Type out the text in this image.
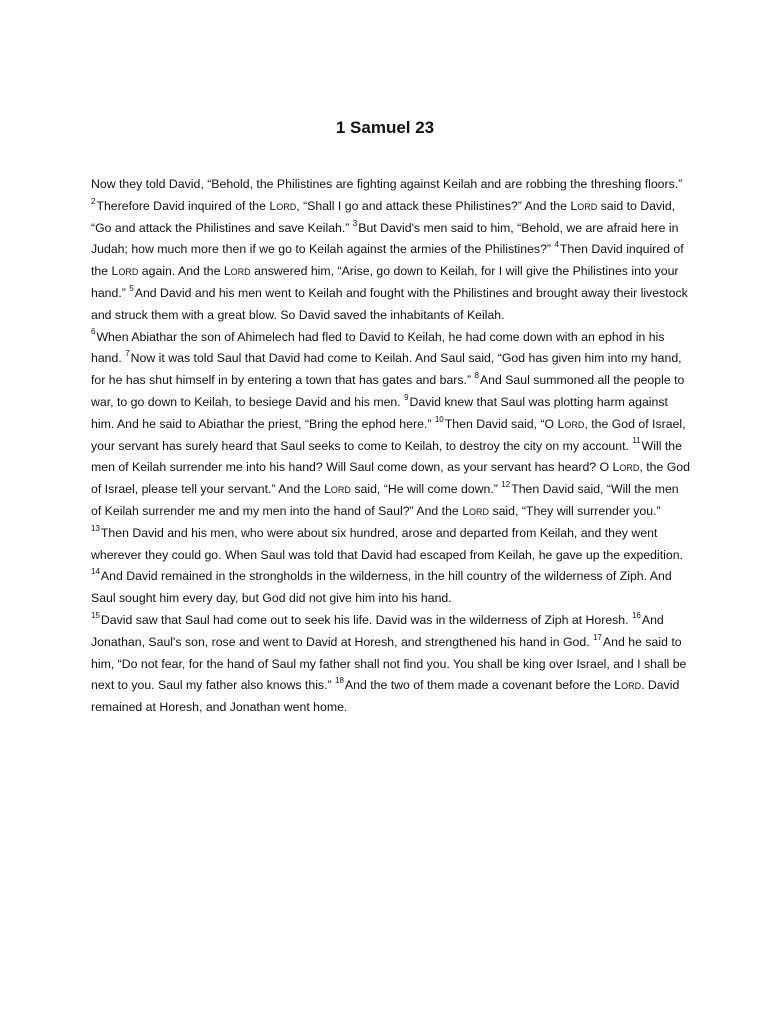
1 Samuel 23

Now they told David, “Behold, the Philistines are fighting against Keilah and are robbing the threshing floors.” $^2$Therefore David inquired of the Lord, “Shall I go and attack these Philistines?” And the Lord said to David, “Go and attack the Philistines and save Keilah.” $^3$But David's men said to him, “Behold, we are afraid here in Judah; how much more then if we go to Keilah against the armies of the Philistines?” $^4$Then David inquired of the Lord again. And the Lord answered him, “Arise, go down to Keilah, for I will give the Philistines into your hand.” $^5$And David and his men went to Keilah and fought with the Philistines and brought away their livestock and struck them with a great blow. So David saved the inhabitants of Keilah.

$^6$When Abiathar the son of Ahimelech had fled to David to Keilah, he had come down with an ephod in his hand. $^7$Now it was told Saul that David had come to Keilah. And Saul said, “God has given him into my hand, for he has shut himself in by entering a town that has gates and bars.” $^8$And Saul summoned all the people to war, to go down to Keilah, to besiege David and his men. $^9$David knew that Saul was plotting harm against him. And he said to Abiathar the priest, “Bring the ephod here.” $^{10}$Then David said, “O Lord, the God of Israel, your servant has surely heard that Saul seeks to come to Keilah, to destroy the city on my account. $^{11}$Will the men of Keilah surrender me into his hand? Will Saul come down, as your servant has heard? O Lord, the God of Israel, please tell your servant.” And the Lord said, “He will come down.” $^{12}$Then David said, “Will the men of Keilah surrender me and my men into the hand of Saul?” And the Lord said, “They will surrender you.” $^{13}$Then David and his men, who were about six hundred, arose and departed from Keilah, and they went wherever they could go. When Saul was told that David had escaped from Keilah, he gave up the expedition. $^{14}$And David remained in the strongholds in the wilderness, in the hill country of the wilderness of Ziph. And Saul sought him every day, but God did not give him into his hand.

$^{15}$David saw that Saul had come out to seek his life. David was in the wilderness of Ziph at Horesh. $^{16}$And Jonathan, Saul's son, rose and went to David at Horesh, and strengthened his hand in God. $^{17}$And he said to him, “Do not fear, for the hand of Saul my father shall not find you. You shall be king over Israel, and I shall be next to you. Saul my father also knows this.” $^{18}$And the two of them made a covenant before the Lord. David remained at Horesh, and Jonathan went home.
